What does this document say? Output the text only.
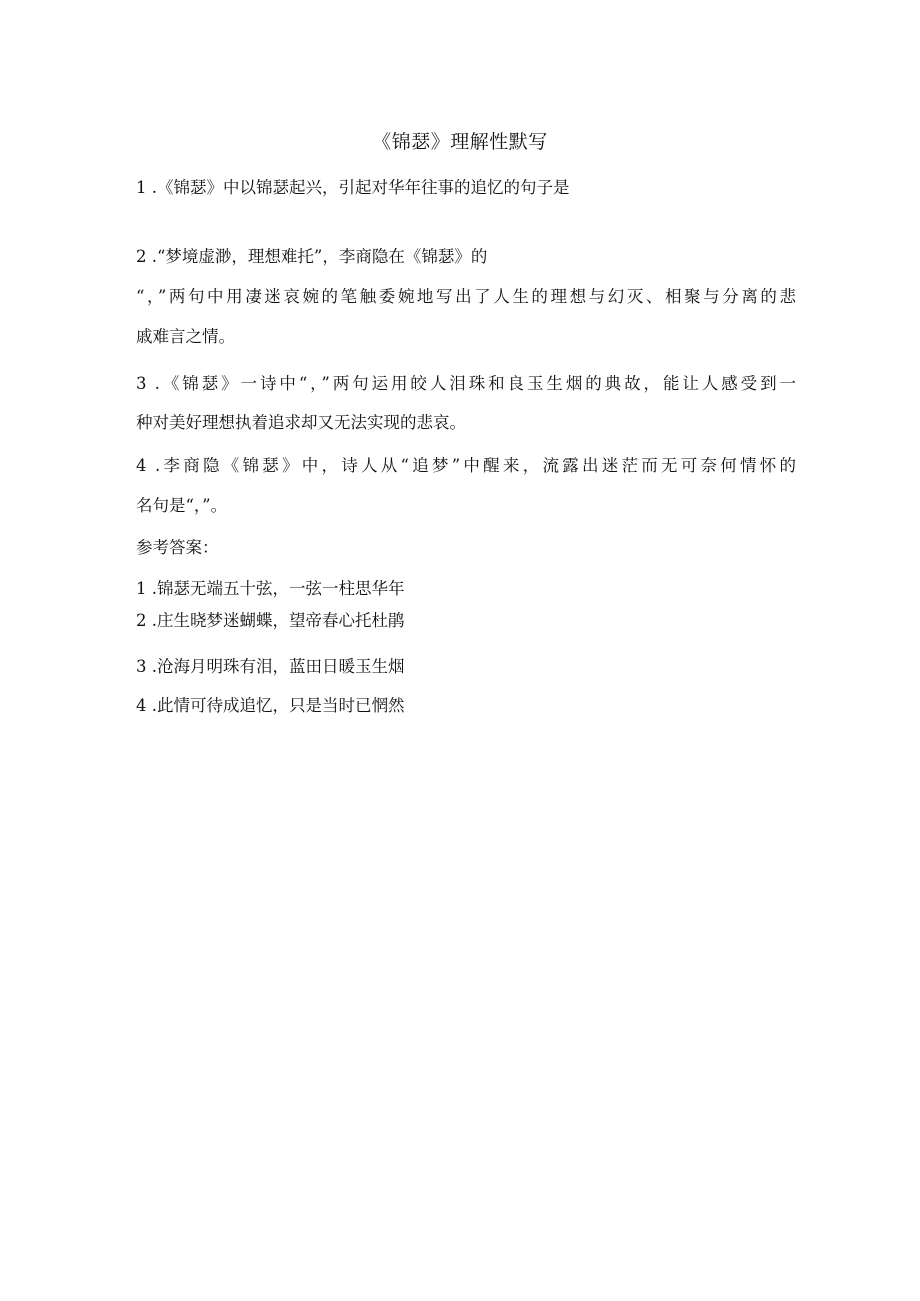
《锦瑟》理解性默写
1 .《锦瑟》中以锦瑟起兴，引起对华年往事的追忆的句子是
2 .“梦境虚渺，理想难托”，李商隐在《锦瑟》的
“，”两句中用凄迷哀婉的笔触委婉地写出了人生的理想与幻灭、相聚与分离的悲
戚难言之情。
3 .《锦瑟》一诗中“，”两句运用皎人泪珠和良玉生烟的典故，能让人感受到一
种对美好理想执着追求却又无法实现的悲哀。
4 .李商隐《锦瑟》中，诗人从“追梦”中醒来，流露出迷茫而无可奈何情怀的
名句是“，”。
参考答案：
1 .锦瑟无端五十弦，一弦一柱思华年
2 .庄生晓梦迷蝴蝶，望帝春心托杜鹃
3 .沧海月明珠有泪，蓝田日暖玉生烟
4 .此情可待成追忆，只是当时已惘然
